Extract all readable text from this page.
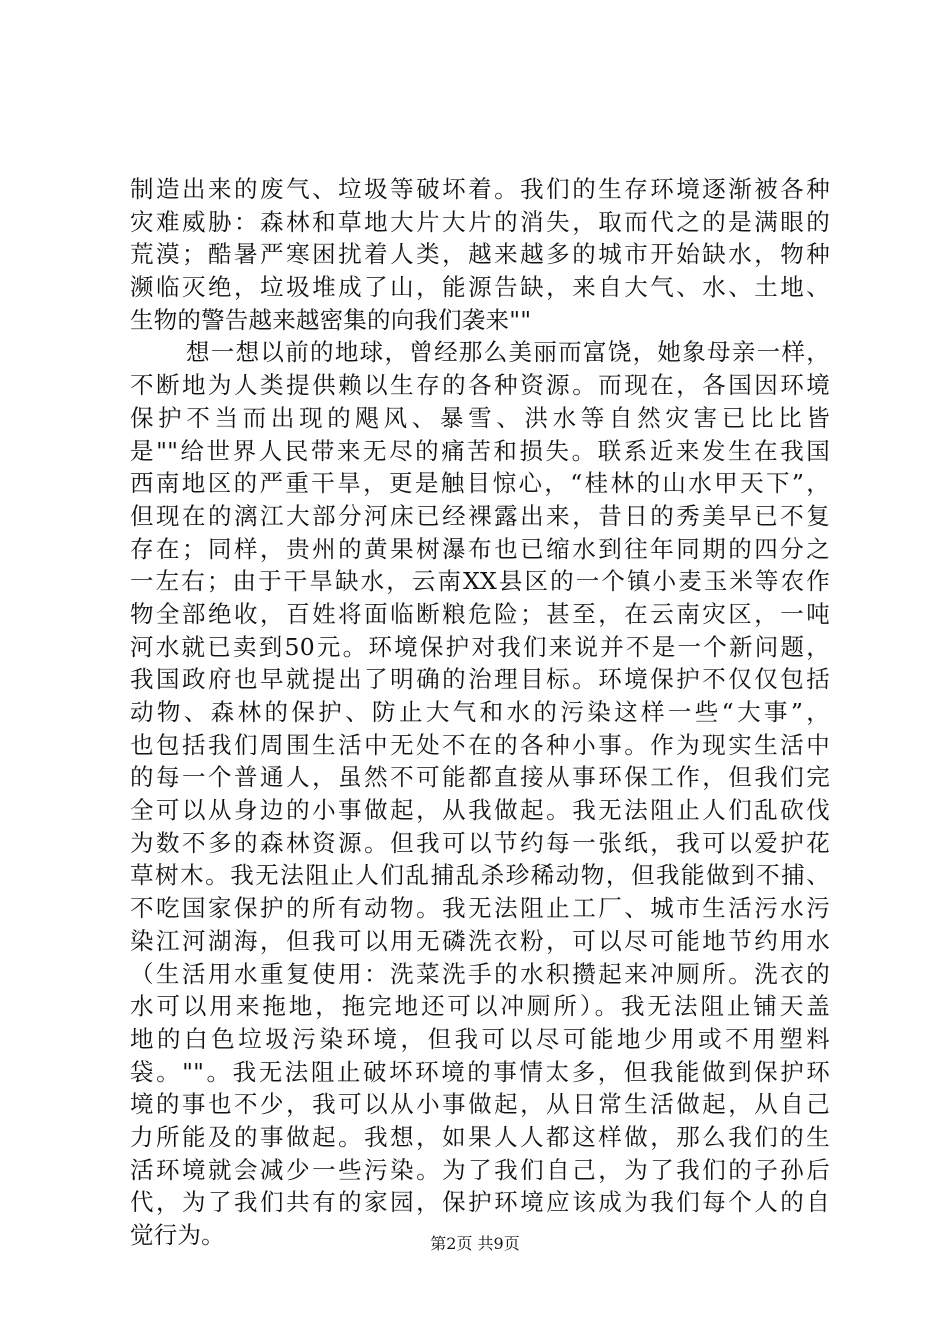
制造出来的废气、垃圾等破坏着。我们的生存环境逐渐被各种
灾难威胁：森林和草地大片大片的消失，取而代之的是满眼的
荒漠；酷暑严寒困扰着人类，越来越多的城市开始缺水，物种
濒临灭绝，垃圾堆成了山，能源告缺，来自大气、水、土地、
生物的警告越来越密集的向我们袭来""
想一想以前的地球，曾经那么美丽而富饶，她象母亲一样，
不断地为人类提供赖以生存的各种资源。而现在，各国因环境
保护不当而出现的飓风、暴雪、洪水等自然灾害已比比皆
是""给世界人民带来无尽的痛苦和损失。联系近来发生在我国
西南地区的严重干旱，更是触目惊心，“桂林的山水甲天下”，
但现在的漓江大部分河床已经裸露出来，昔日的秀美早已不复
存在；同样，贵州的黄果树瀑布也已缩水到往年同期的四分之
一左右；由于干旱缺水，云南XX县区的一个镇小麦玉米等农作
物全部绝收，百姓将面临断粮危险；甚至，在云南灾区，一吨
河水就已卖到50元。环境保护对我们来说并不是一个新问题，
我国政府也早就提出了明确的治理目标。环境保护不仅仅包括
动物、森林的保护、防止大气和水的污染这样一些“大事”，
也包括我们周围生活中无处不在的各种小事。作为现实生活中
的每一个普通人，虽然不可能都直接从事环保工作，但我们完
全可以从身边的小事做起，从我做起。我无法阻止人们乱砍伐
为数不多的森林资源。但我可以节约每一张纸，我可以爱护花
草树木。我无法阻止人们乱捕乱杀珍稀动物，但我能做到不捕、
不吃国家保护的所有动物。我无法阻止工厂、城市生活污水污
染江河湖海，但我可以用无磷洗衣粉，可以尽可能地节约用水
（生活用水重复使用：洗菜洗手的水积攒起来冲厕所。洗衣的
水可以用来拖地，拖完地还可以冲厕所）。我无法阻止铺天盖
地的白色垃圾污染环境，但我可以尽可能地少用或不用塑料
袋。""。我无法阻止破坏环境的事情太多，但我能做到保护环
境的事也不少，我可以从小事做起，从日常生活做起，从自己
力所能及的事做起。我想，如果人人都这样做，那么我们的生
活环境就会减少一些污染。为了我们自己，为了我们的子孙后
代，为了我们共有的家园，保护环境应该成为我们每个人的自
觉行为。	第2页 共9页
